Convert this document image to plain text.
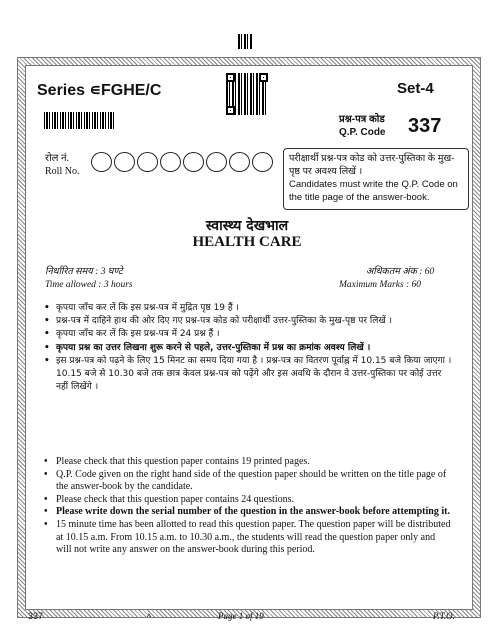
Series ∊FGHE/C	Set-4
प्रश्न-पत्र कोड
Q.P. Code 337
रोल नं.
Roll No.
परीक्षार्थी प्रश्न-पत्र कोड को उत्तर-पुस्तिका के मुख-पृष्ठ पर अवश्य लिखें ।
Candidates must write the Q.P. Code on the title page of the answer-book.
स्वास्थ्य देखभाल
HEALTH CARE
निर्धारित समय : 3 घण्टे
Time allowed : 3 hours
अधिकतम अंक : 60
Maximum Marks : 60
• कृपया जाँच कर लें कि इस प्रश्न-पत्र में मुद्रित पृष्ठ 19 हैं ।
• प्रश्न-पत्र में दाहिने हाथ की ओर दिए गए प्रश्न-पत्र कोड को परीक्षार्थी उत्तर-पुस्तिका के मुख-पृष्ठ पर लिखें ।
• कृपया जाँच कर लें कि इस प्रश्न-पत्र में 24 प्रश्न हैं ।
• कृपया प्रश्न का उत्तर लिखना शुरू करने से पहले, उत्तर-पुस्तिका में प्रश्न का क्रमांक अवश्य लिखें ।
• इस प्रश्न-पत्र को पढ़ने के लिए 15 मिनट का समय दिया गया है । प्रश्न-पत्र का वितरण पूर्वाह्न में 10.15 बजे किया जाएगा । 10.15 बजे से 10.30 बजे तक छात्र केवल प्रश्न-पत्र को पढ़ेंगे और इस अवधि के दौरान वे उत्तर-पुस्तिका पर कोई उत्तर नहीं लिखेंगे ।
• Please check that this question paper contains 19 printed pages.
• Q.P. Code given on the right hand side of the question paper should be written on the title page of the answer-book by the candidate.
• Please check that this question paper contains 24 questions.
• Please write down the serial number of the question in the answer-book before attempting it.
• 15 minute time has been allotted to read this question paper. The question paper will be distributed at 10.15 a.m. From 10.15 a.m. to 10.30 a.m., the students will read the question paper only and will not write any answer on the answer-book during this period.
337	^	Page 1 of 19	P.T.O.
